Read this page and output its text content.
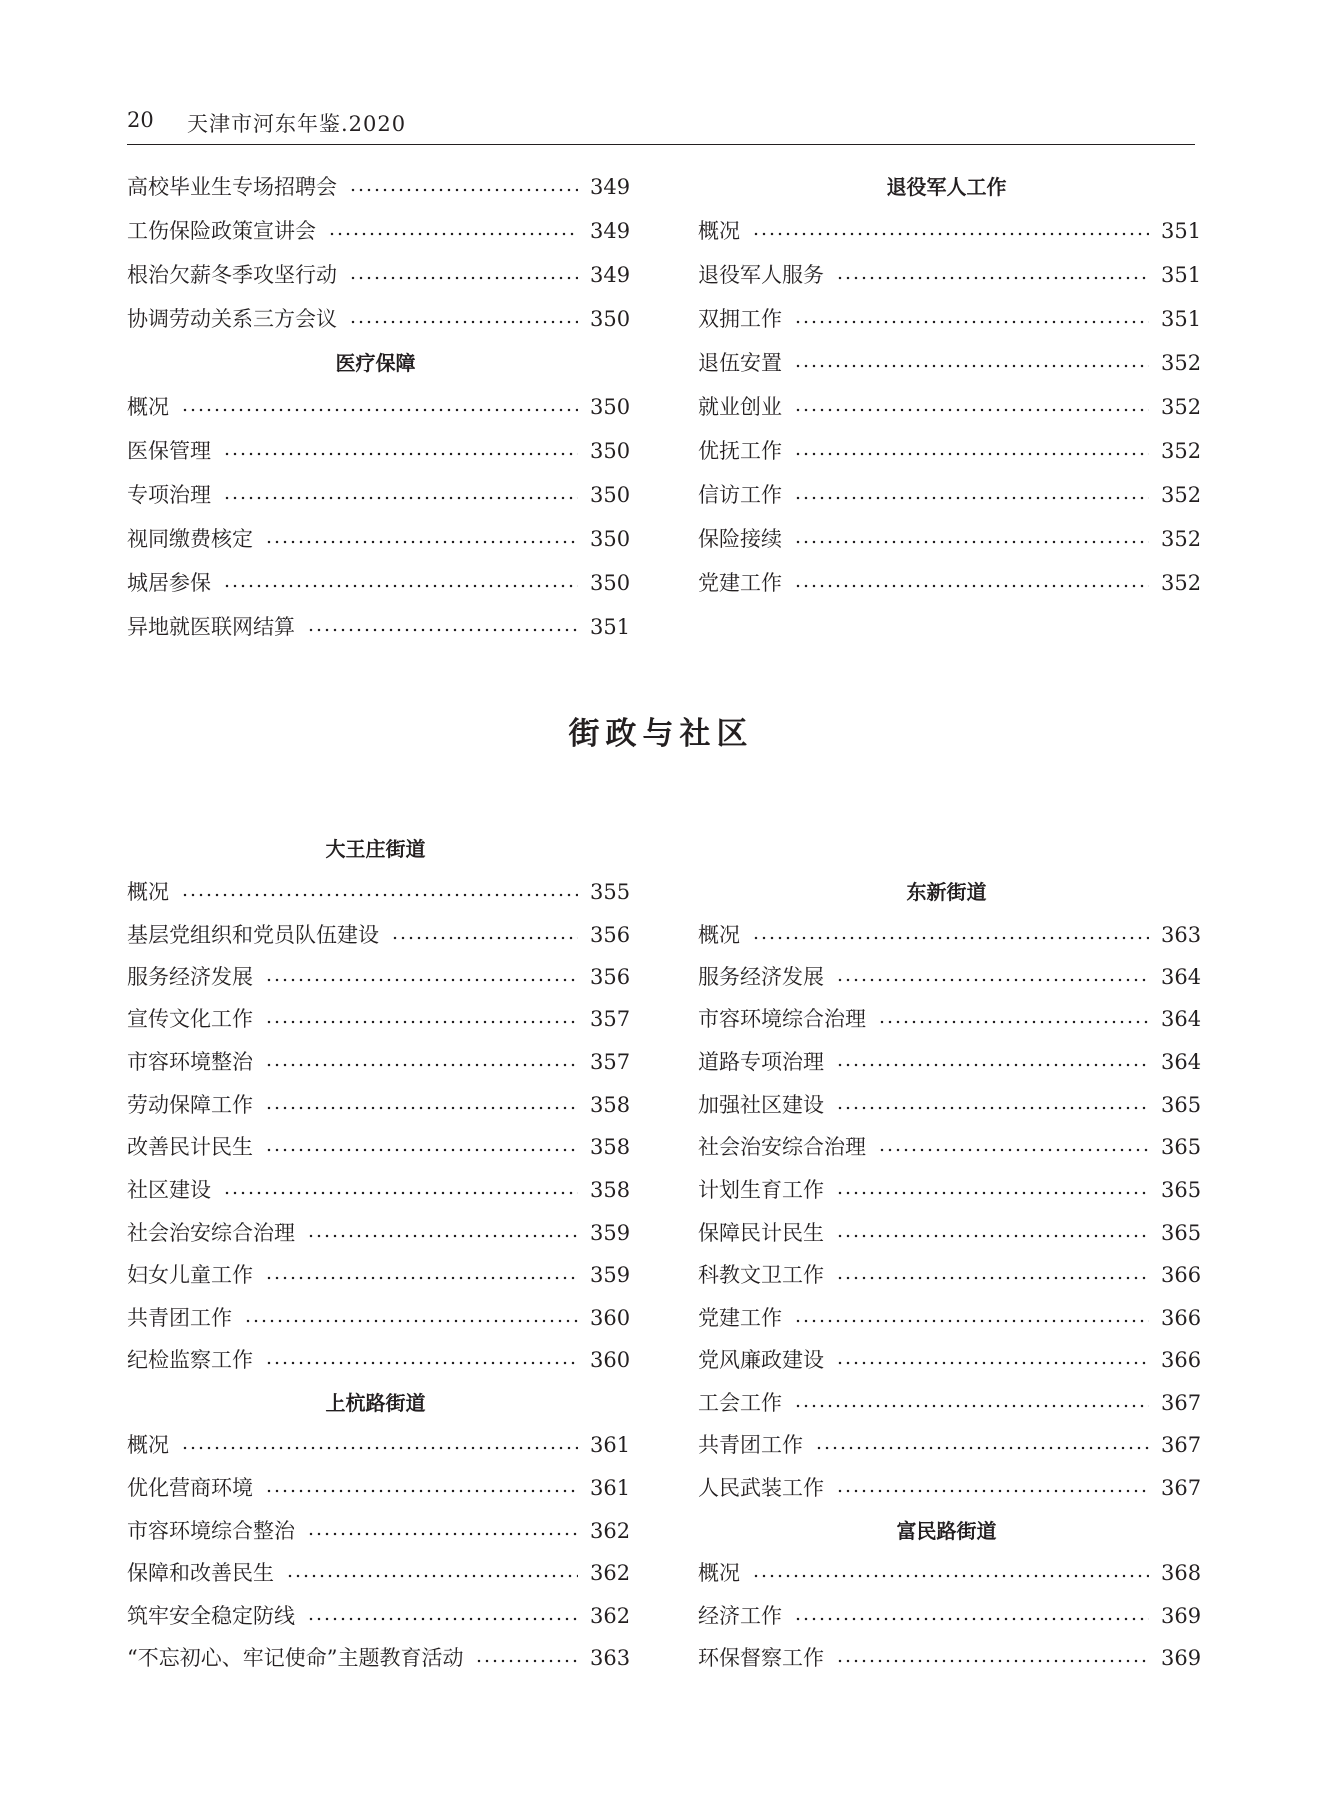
20 天津市河东年鉴.2020
高校毕业生专场招聘会	349
工伤保险政策宣讲会	349
根治欠薪冬季攻坚行动	349
协调劳动关系三方会议	350
医疗保障
概况	350
医保管理	350
专项治理	350
视同缴费核定	350
城居参保	350
异地就医联网结算	351
退役军人工作
概况	351
退役军人服务	351
双拥工作	351
退伍安置	352
就业创业	352
优抚工作	352
信访工作	352
保险接续	352
党建工作	352
街政与社区
大王庄街道
概况	355
基层党组织和党员队伍建设	356
服务经济发展	356
宣传文化工作	357
市容环境整治	357
劳动保障工作	358
改善民计民生	358
社区建设	358
社会治安综合治理	359
妇女儿童工作	359
共青团工作	360
纪检监察工作	360
上杭路街道
概况	361
优化营商环境	361
市容环境综合整治	362
保障和改善民生	362
筑牢安全稳定防线	362
“不忘初心、牢记使命”主题教育活动	363
东新街道
概况	363
服务经济发展	364
市容环境综合治理	364
道路专项治理	364
加强社区建设	365
社会治安综合治理	365
计划生育工作	365
保障民计民生	365
科教文卫工作	366
党建工作	366
党风廉政建设	366
工会工作	367
共青团工作	367
人民武装工作	367
富民路街道
概况	368
经济工作	369
环保督察工作	369
